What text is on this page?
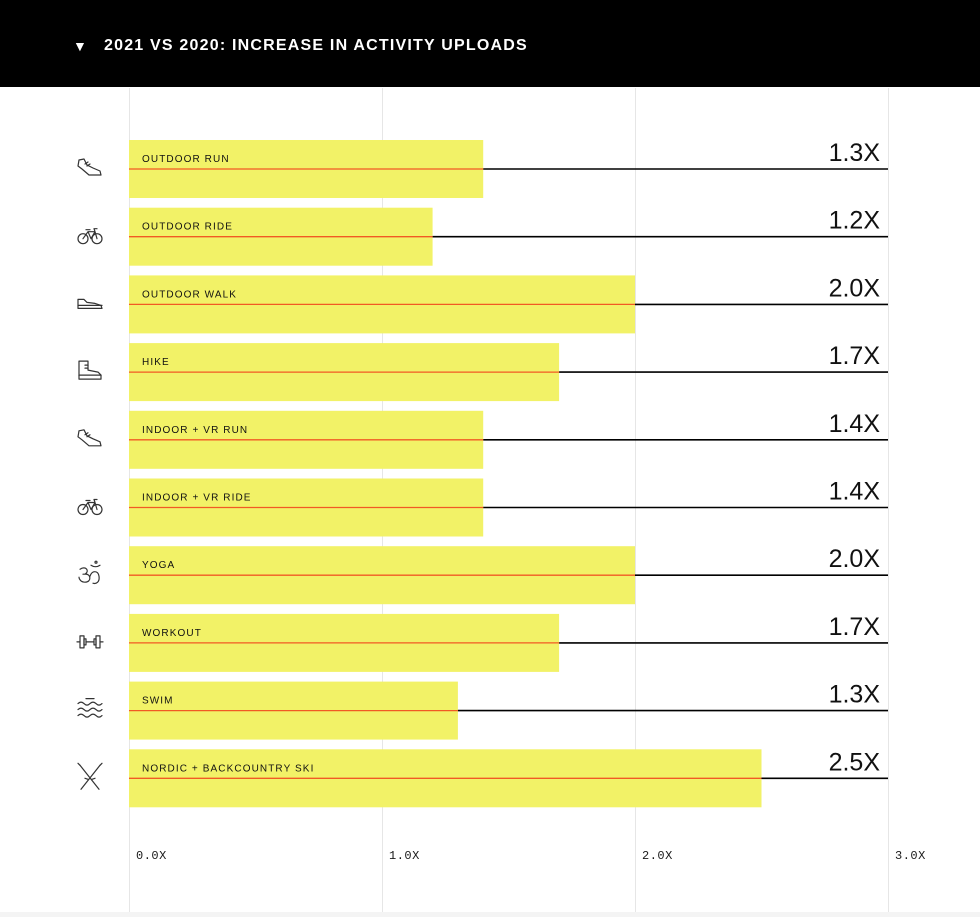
▼ 2021 VS 2020: INCREASE IN ACTIVITY UPLOADS
OUTDOOR RUN	1.3X
OUTDOOR RIDE	1.2X
OUTDOOR WALK	2.0X
HIKE	1.7X
INDOOR + VR RUN	1.4X
INDOOR + VR RIDE	1.4X
YOGA	2.0X
WORKOUT	1.7X
SWIM	1.3X
NORDIC + BACKCOUNTRY SKI	2.5X
0.0X	1.0X	2.0X	3.0X
